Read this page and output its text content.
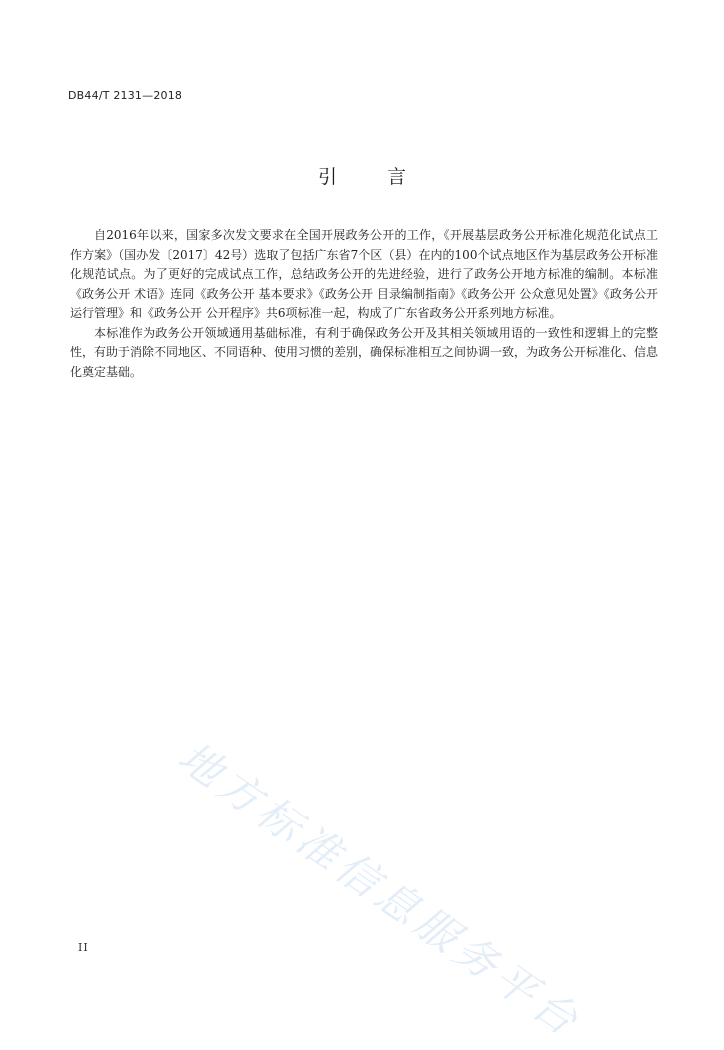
DB44/T 2131—2018
引 言

自2016年以来，国家多次发文要求在全国开展政务公开的工作，《开展基层政务公开标准化规范化试点工作方案》（国办发〔2017〕42号）选取了包括广东省7个区（县）在内的100个试点地区作为基层政务公开标准化规范试点。为了更好的完成试点工作，总结政务公开的先进经验，进行了政务公开地方标准的编制。本标准《政务公开 术语》连同《政务公开 基本要求》《政务公开 目录编制指南》《政务公开 公众意见处置》《政务公开 运行管理》和《政务公开 公开程序》共6项标准一起，构成了广东省政务公开系列地方标准。

本标准作为政务公开领域通用基础标准，有利于确保政务公开及其相关领域用语的一致性和逻辑上的完整性，有助于消除不同地区、不同语种、使用习惯的差别，确保标准相互之间协调一致，为政务公开标准化、信息化奠定基础。

地方标准信息服务平台
II
